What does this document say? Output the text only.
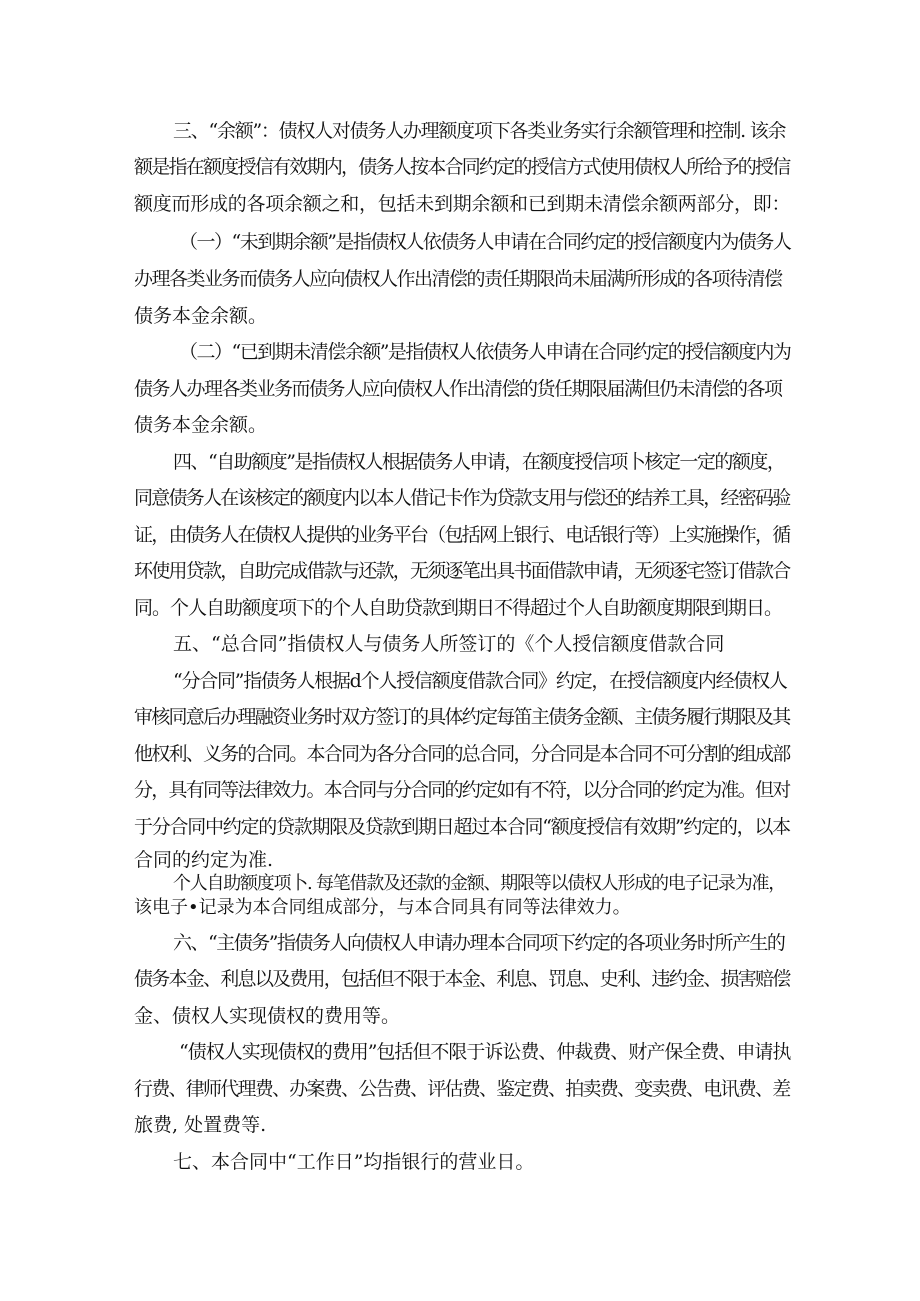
三、“余额”：债权人对债务人办理额度项下各类业务实行余额管理和控制. 该余
额是指在额度授信有效期内，债务人按本合同约定的授信方式使用债权人所给予的授信
额度而形成的各项余额之和，包括未到期余额和已到期未清偿余额两部分，即：
（一）“未到期余额”是指债权人依债务人申请在合同约定的授信额度内为债务人
办理各类业务而债务人应向债权人作出清偿的责任期限尚未届满所形成的各项待清偿
债务本金余额。
（二）“已到期未清偿余额”是指债权人依债务人申请在合同约定的授信额度内为
债务人办理各类业务而债务人应向债权人作出清偿的货任期限届满但仍未清偿的各项
债务本金余额。
四、“自助额度”是指债权人根据债务人申请，在额度授信项卜核定一定的额度，
同意债务人在该核定的额度内以本人借记卡作为贷款支用与偿还的结养工具，经密码验
证，由债务人在债权人提供的业务平台（包括网上银行、电话银行等）上实施操作，循
环使用贷款，自助完成借款与还款，无须逐笔出具书面借款申请，无须逐宅签订借款合
同。个人自助额度项下的个人自助贷款到期日不得超过个人自助额度期限到期日。
五、“总合同”指债权人与债务人所签订的《个人授信额度借款合同
“分合同”指债务人根据d个人授信额度借款合同》约定，在授信额度内经债权人
审核同意后办理融资业务时双方签订的具体约定每笛主债务金额、主债务履行期限及其
他权利、义务的合同。本合同为各分合同的总合同，分合同是本合同不可分割的组成部
分，具有同等法律效力。本合同与分合同的约定如有不符，以分合同的约定为准。但对
于分合同中约定的贷款期限及贷款到期日超过本合同“额度授信有效期”约定的，以本
合同的约定为准.
个人自助额度项卜. 每笔借款及还款的金额、期限等以债权人形成的电子记录为准，
该电子•记录为本合同组成部分，与本合同具有同等法律效力。
六、“主债务”指债务人向债权人申请办理本合同项下约定的各项业务时所产生的
债务本金、利息以及费用，包括但不限于本金、利息、罚息、史利、违约金、损害赔偿
金、债权人实现债权的费用等。
“债权人实现债权的费用”包括但不限于诉讼费、仲裁费、财产保全费、申请执
行费、律师代理费、办案费、公告费、评估费、鉴定费、拍卖费、变卖费、电讯费、差
旅费, 处置费等.
七、本合同中“工作日”均指银行的营业日。
